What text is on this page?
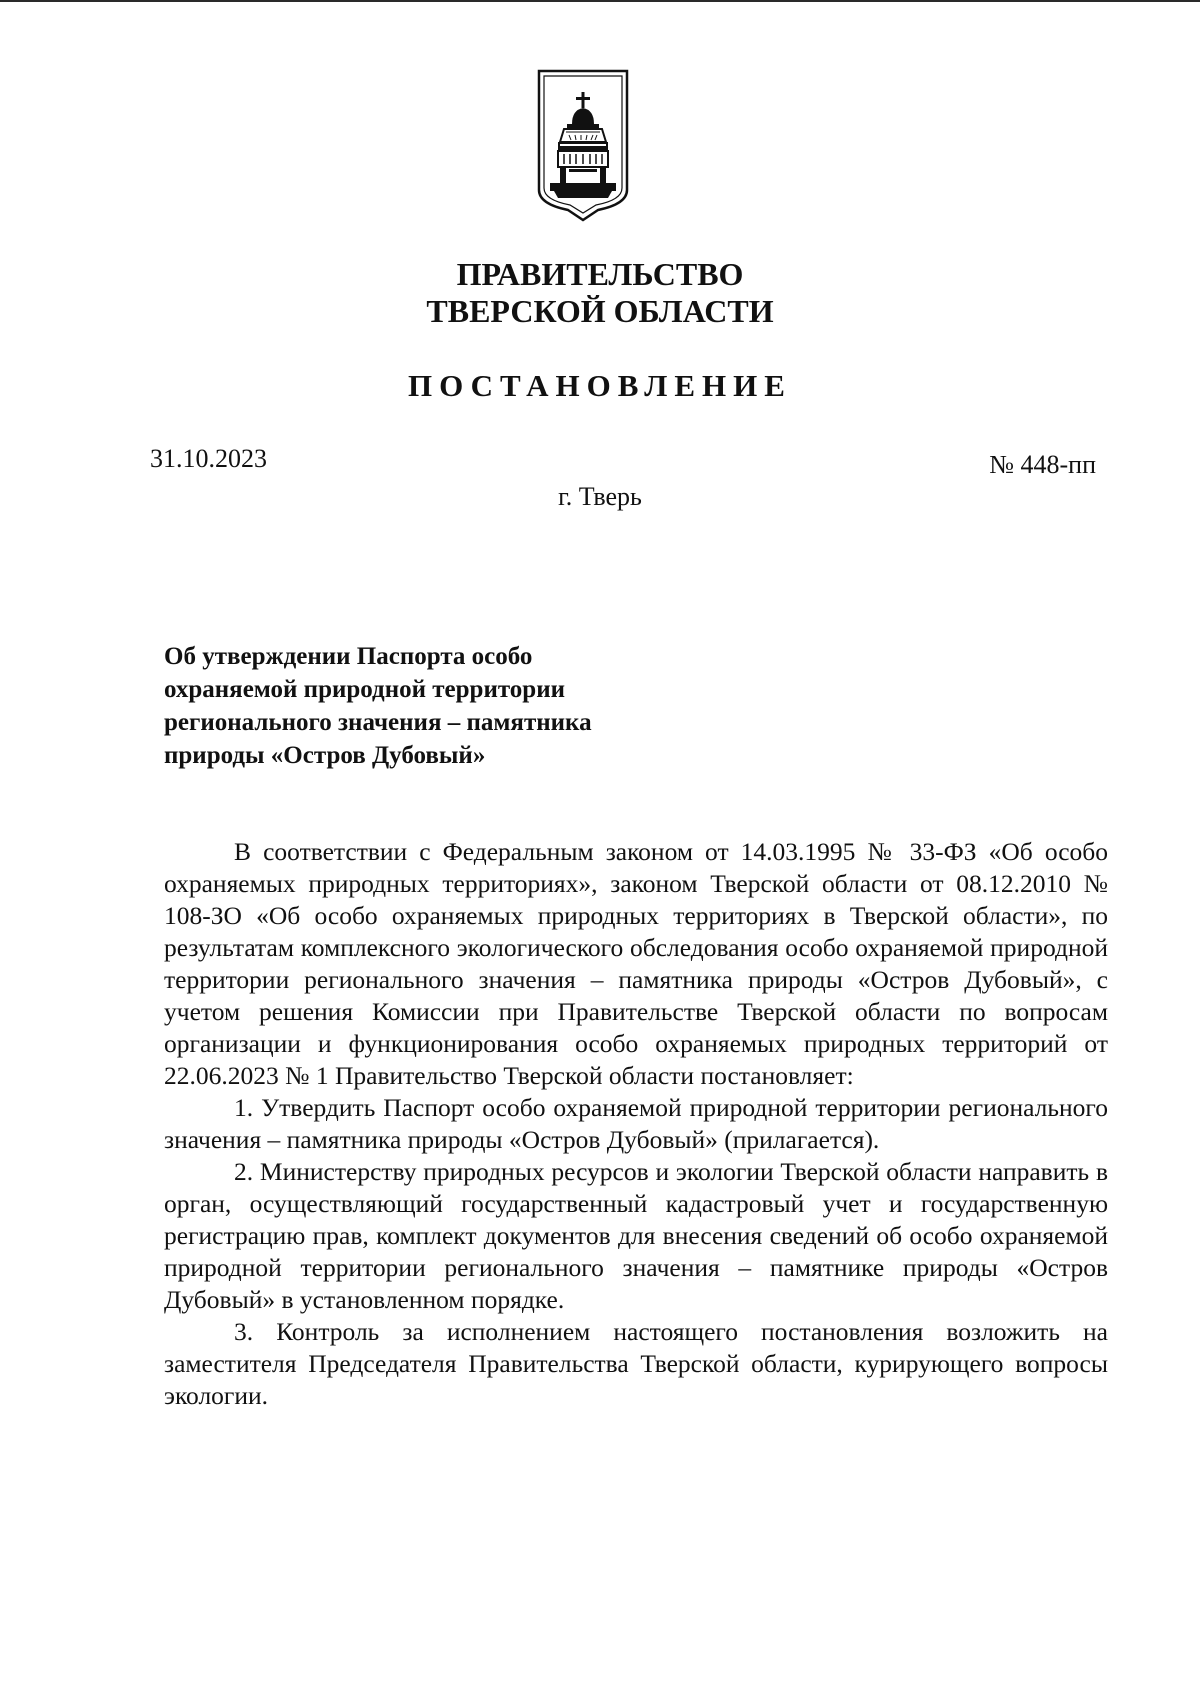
ПРАВИТЕЛЬСТВО
ТВЕРСКОЙ ОБЛАСТИ
ПОСТАНОВЛЕНИЕ
31.10.2023	№ 448-пп
г. Тверь
Об утверждении Паспорта особо
охраняемой природной территории
регионального значения – памятника
природы «Остров Дубовый»

В соответствии с Федеральным законом от 14.03.1995 № 33-ФЗ «Об особо охраняемых природных территориях», законом Тверской области от 08.12.2010 № 108-ЗО «Об особо охраняемых природных территориях в Тверской области», по результатам комплексного экологического обследования особо охраняемой природной территории регионального значения – памятника природы «Остров Дубовый», с учетом решения Комиссии при Правительстве Тверской области по вопросам организации и функционирования особо охраняемых природных территорий от 22.06.2023 № 1 Правительство Тверской области постановляет:

1. Утвердить Паспорт особо охраняемой природной территории регионального значения – памятника природы «Остров Дубовый» (прилагается).

2. Министерству природных ресурсов и экологии Тверской области направить в орган, осуществляющий государственный кадастровый учет и государственную регистрацию прав, комплект документов для внесения сведений об особо охраняемой природной территории регионального значения – памятнике природы «Остров Дубовый» в установленном порядке.

3. Контроль за исполнением настоящего постановления возложить на заместителя Председателя Правительства Тверской области, курирующего вопросы экологии.
